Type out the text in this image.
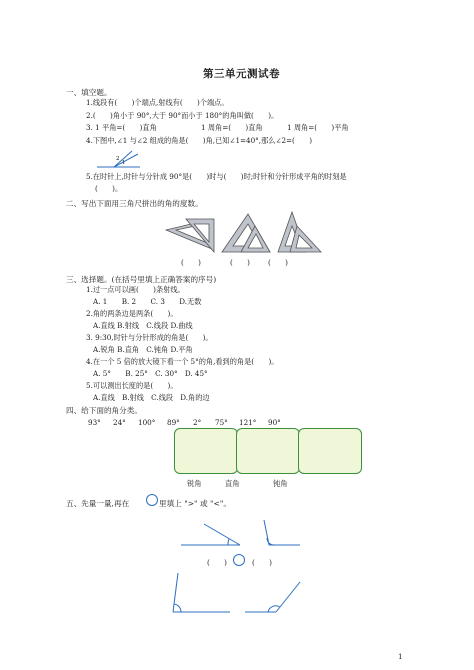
第三单元测试卷
一、填空题。
1.线段有(　　)个端点,射线有(　　)个端点。
2.(　　)角小于 90°,大于 90°而小于 180°的角叫做(　　)。
3. 1 平角=(　　)直角	1 周角=(　　)直角	1 周角=(　　)平角
4.下图中,∠1 与∠2 组成的角是(　　)角,已知∠1=40°,那么∠2=(　　)
2
1
5.在时针上,时针与分针成 90°是(　　)时与(　　)时;时针和分针形成平角的时刻是
(　　)。
二、写出下面用三角尺拼出的角的度数。
(　　)	(　　)	(　　)
三、选择题。(在括号里填上正确答案的序号)
1.过一点可以画(　　)条射线。
A. 1　　B. 2　　C. 3　　D.无数
2.角的两条边是两条(　　)。
A.直线 B.射线　C.线段 D.曲线
3. 9:30,时针与分针形成的角是(　　)。
A.锐角 B.直角　C.钝角 D.平角
4.在一个 5 倍的放大镜下看一个 5°的角,看到的角是(　　)。
A. 5°　　B. 25°　C. 30°　D. 45°
5.可以测出长度的是(　　)。
A.直线　B.射线　C.线段　D.角的边
四、给下面的角分类。
93° 24° 100° 89° 2° 75° 121° 90°
锐角	直角	钝角
五、先量一量,再在	里填上 ">" 或 "<"。
(　　)	(　　)
1
